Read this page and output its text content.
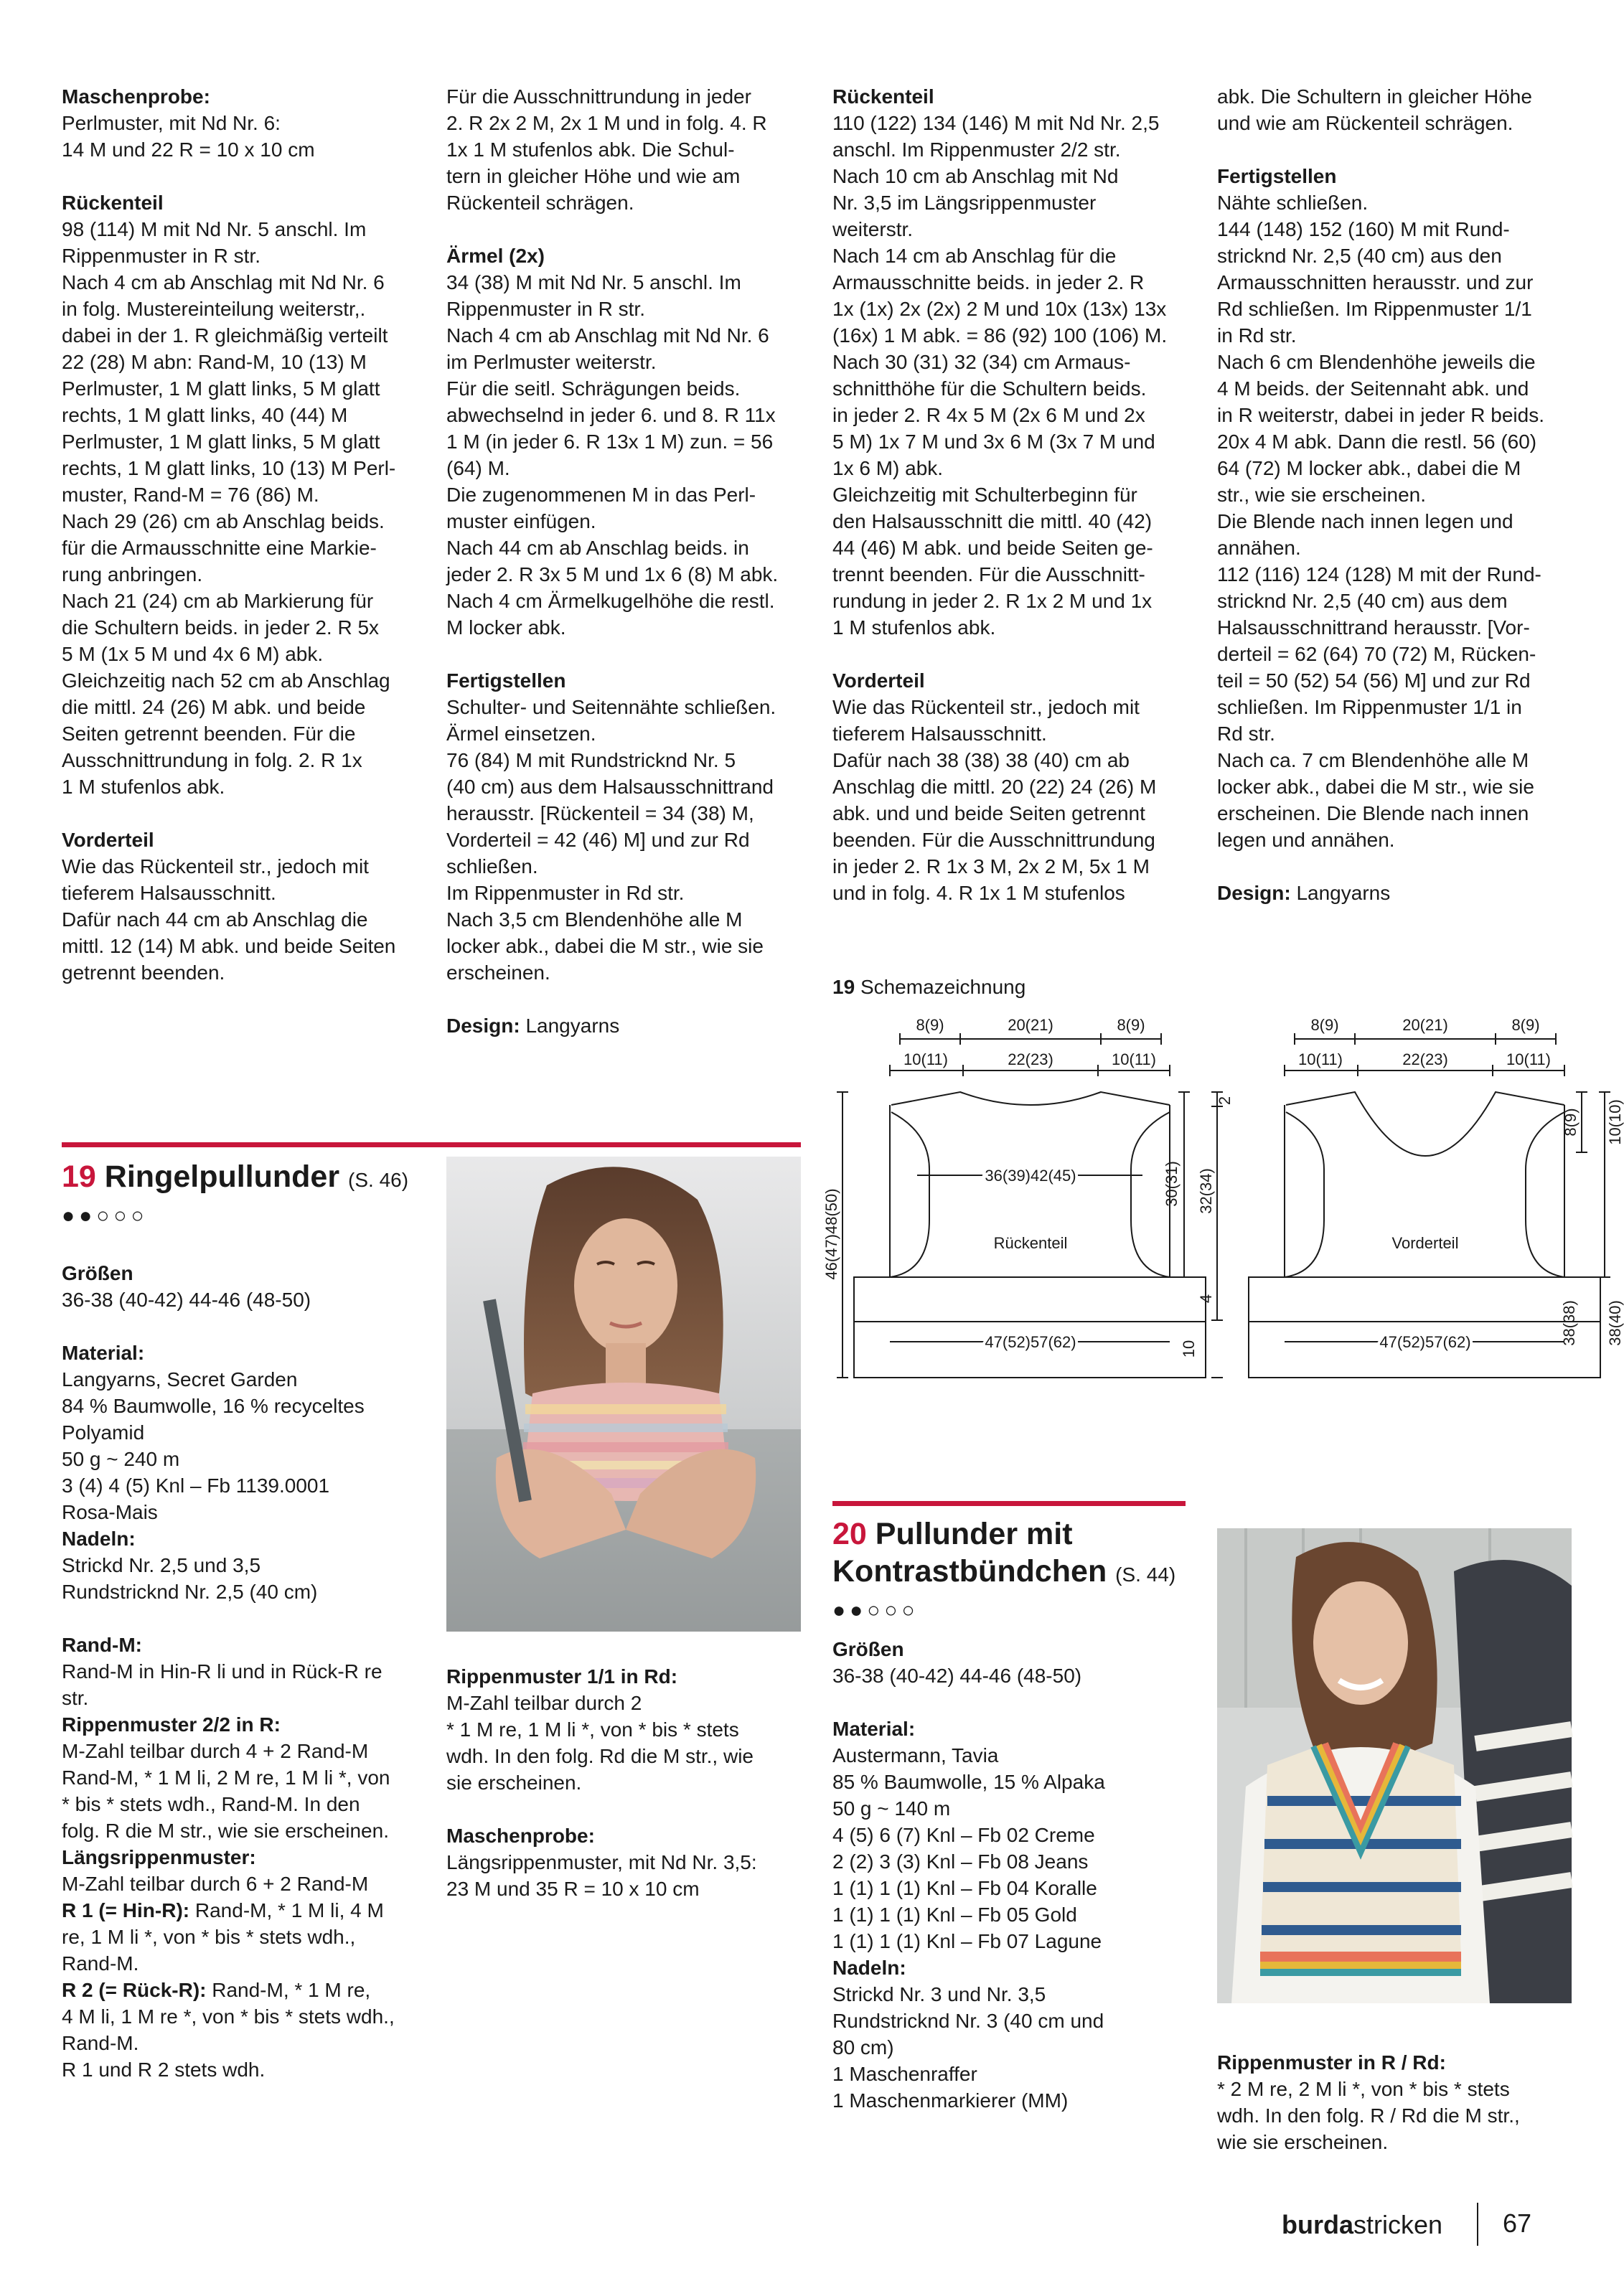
Maschenprobe:
Perlmuster, mit Nd Nr. 6:
14 M und 22 R = 10 x 10 cm
Rückenteil
98 (114) M mit Nd Nr. 5 anschl. Im
Rippenmuster in R str.
Nach 4 cm ab Anschlag mit Nd Nr. 6
in folg. Mustereinteilung weiterstr,.
dabei in der 1. R gleichmäßig verteilt
22 (28) M abn: Rand-M, 10 (13) M
Perlmuster, 1 M glatt links, 5 M glatt
rechts, 1 M glatt links, 40 (44) M
Perlmuster, 1 M glatt links, 5 M glatt
rechts, 1 M glatt links, 10 (13) M Perl-
muster, Rand-M = 76 (86) M.
Nach 29 (26) cm ab Anschlag beids.
für die Armausschnitte eine Markie-
rung anbringen.
Nach 21 (24) cm ab Markierung für
die Schultern beids. in jeder 2. R 5x
5 M (1x 5 M und 4x 6 M) abk.
Gleichzeitig nach 52 cm ab Anschlag
die mittl. 24 (26) M abk. und beide
Seiten getrennt beenden. Für die
Ausschnittrundung in folg. 2. R 1x
1 M stufenlos abk.
Vorderteil
Wie das Rückenteil str., jedoch mit
tieferem Halsausschnitt.
Dafür nach 44 cm ab Anschlag die
mittl. 12 (14) M abk. und beide Seiten
getrennt beenden.
Für die Ausschnittrundung in jeder
2. R 2x 2 M, 2x 1 M und in folg. 4. R
1x 1 M stufenlos abk. Die Schul-
tern in gleicher Höhe und wie am
Rückenteil schrägen.
Ärmel (2x)
34 (38) M mit Nd Nr. 5 anschl. Im
Rippenmuster in R str.
Nach 4 cm ab Anschlag mit Nd Nr. 6
im Perlmuster weiterstr.
Für die seitl. Schrägungen beids.
abwechselnd in jeder 6. und 8. R 11x
1 M (in jeder 6. R 13x 1 M) zun. = 56
(64) M.
Die zugenommenen M in das Perl-
muster einfügen.
Nach 44 cm ab Anschlag beids. in
jeder 2. R 3x 5 M und 1x 6 (8) M abk.
Nach 4 cm Ärmelkugelhöhe die restl.
M locker abk.
Fertigstellen
Schulter- und Seitennähte schließen.
Ärmel einsetzen.
76 (84) M mit Rundstricknd Nr. 5
(40 cm) aus dem Halsausschnittrand
herausstr. [Rückenteil = 34 (38) M,
Vorderteil = 42 (46) M] und zur Rd
schließen.
Im Rippenmuster in Rd str.
Nach 3,5 cm Blendenhöhe alle M
locker abk., dabei die M str., wie sie
erscheinen.
Design: Langyarns
Rückenteil
110 (122) 134 (146) M mit Nd Nr. 2,5
anschl. Im Rippenmuster 2/2 str.
Nach 10 cm ab Anschlag mit Nd
Nr. 3,5 im Längsrippenmuster
weiterstr.
Nach 14 cm ab Anschlag für die
Armausschnitte beids. in jeder 2. R
1x (1x) 2x (2x) 2 M und 10x (13x) 13x
(16x) 1 M abk. = 86 (92) 100 (106) M.
Nach 30 (31) 32 (34) cm Armaus-
schnitthöhe für die Schultern beids.
in jeder 2. R 4x 5 M (2x 6 M und 2x
5 M) 1x 7 M und 3x 6 M (3x 7 M und
1x 6 M) abk.
Gleichzeitig mit Schulterbeginn für
den Halsausschnitt die mittl. 40 (42)
44 (46) M abk. und beide Seiten ge-
trennt beenden. Für die Ausschnitt-
rundung in jeder 2. R 1x 2 M und 1x
1 M stufenlos abk.
Vorderteil
Wie das Rückenteil str., jedoch mit
tieferem Halsausschnitt.
Dafür nach 38 (38) 38 (40) cm ab
Anschlag die mittl. 20 (22) 24 (26) M
abk. und und beide Seiten getrennt
beenden. Für die Ausschnittrundung
in jeder 2. R 1x 3 M, 2x 2 M, 5x 1 M
und in folg. 4. R 1x 1 M stufenlos
abk. Die Schultern in gleicher Höhe
und wie am Rückenteil schrägen.
Fertigstellen
Nähte schließen.
144 (148) 152 (160) M mit Rund-
stricknd Nr. 2,5 (40 cm) aus den
Armausschnitten herausstr. und zur
Rd schließen. Im Rippenmuster 1/1
in Rd str.
Nach 6 cm Blendenhöhe jeweils die
4 M beids. der Seitennaht abk. und
in R weiterstr, dabei in jeder R beids.
20x 4 M abk. Dann die restl. 56 (60)
64 (72) M locker abk., dabei die M
str., wie sie erscheinen.
Die Blende nach innen legen und
annähen.
112 (116) 124 (128) M mit der Rund-
stricknd Nr. 2,5 (40 cm) aus dem
Halsausschnittrand herausstr. [Vor-
derteil = 62 (64) 70 (72) M, Rücken-
teil = 50 (52) 54 (56) M] und zur Rd
schließen. Im Rippenmuster 1/1 in
Rd str.
Nach ca. 7 cm Blendenhöhe alle M
locker abk., dabei die M str., wie sie
erscheinen. Die Blende nach innen
legen und annähen.
Design: Langyarns
19 Ringelpullunder (S. 46)
●●○○○
Größen
36-38 (40-42) 44-46 (48-50)
Material:
Langyarns, Secret Garden
84 % Baumwolle, 16 % recyceltes
Polyamid
50 g ~ 240 m
3 (4) 4 (5) Knl – Fb 1139.0001
Rosa-Mais
Nadeln:
Strickd Nr. 2,5 und 3,5
Rundstricknd Nr. 2,5 (40 cm)
Rand-M:
Rand-M in Hin-R li und in Rück-R re
str.
Rippenmuster 2/2 in R:
M-Zahl teilbar durch 4 + 2 Rand-M
Rand-M, * 1 M li, 2 M re, 1 M li *, von
* bis * stets wdh., Rand-M. In den
folg. R die M str., wie sie erscheinen.
Längsrippenmuster:
M-Zahl teilbar durch 6 + 2 Rand-M
R 1 (= Hin-R): Rand-M, * 1 M li, 4 M
re, 1 M li *, von * bis * stets wdh.,
Rand-M.
R 2 (= Rück-R): Rand-M, * 1 M re,
4 M li, 1 M re *, von * bis * stets wdh.,
Rand-M.
R 1 und R 2 stets wdh.
Rippenmuster 1/1 in Rd:
M-Zahl teilbar durch 2
* 1 M re, 1 M li *, von * bis * stets
wdh. In den folg. Rd die M str., wie
sie erscheinen.
Maschenprobe:
Längsrippenmuster, mit Nd Nr. 3,5:
23 M und 35 R = 10 x 10 cm
19 Schemazeichnung
8(9)	20(21)	8(9)
10(11)	22(23)	10(11)
36(39)42(45)
Rückenteil
47(52)57(62)
8(9)	20(21)	8(9)
10(11)	22(23)	10(11)
Vorderteil
47(52)57(62)
46(47)48(50)
30(31) 32(34)
2
4
10
8(9) 10(10)
38(38) 38(40)
20 Pullunder mit
Kontrastbündchen (S. 44)
●●○○○
Größen
36-38 (40-42) 44-46 (48-50)
Material:
Austermann, Tavia
85 % Baumwolle, 15 % Alpaka
50 g ~ 140 m
4 (5) 6 (7) Knl – Fb 02 Creme
2 (2) 3 (3) Knl – Fb 08 Jeans
1 (1) 1 (1) Knl – Fb 04 Koralle
1 (1) 1 (1) Knl – Fb 05 Gold
1 (1) 1 (1) Knl – Fb 07 Lagune
Nadeln:
Strickd Nr. 3 und Nr. 3,5
Rundstricknd Nr. 3 (40 cm und
80 cm)
1 Maschenraffer
1 Maschenmarkierer (MM)
Rippenmuster in R / Rd:
* 2 M re, 2 M li *, von * bis * stets
wdh. In den folg. R / Rd die M str.,
wie sie erscheinen.
burdastricken 67
